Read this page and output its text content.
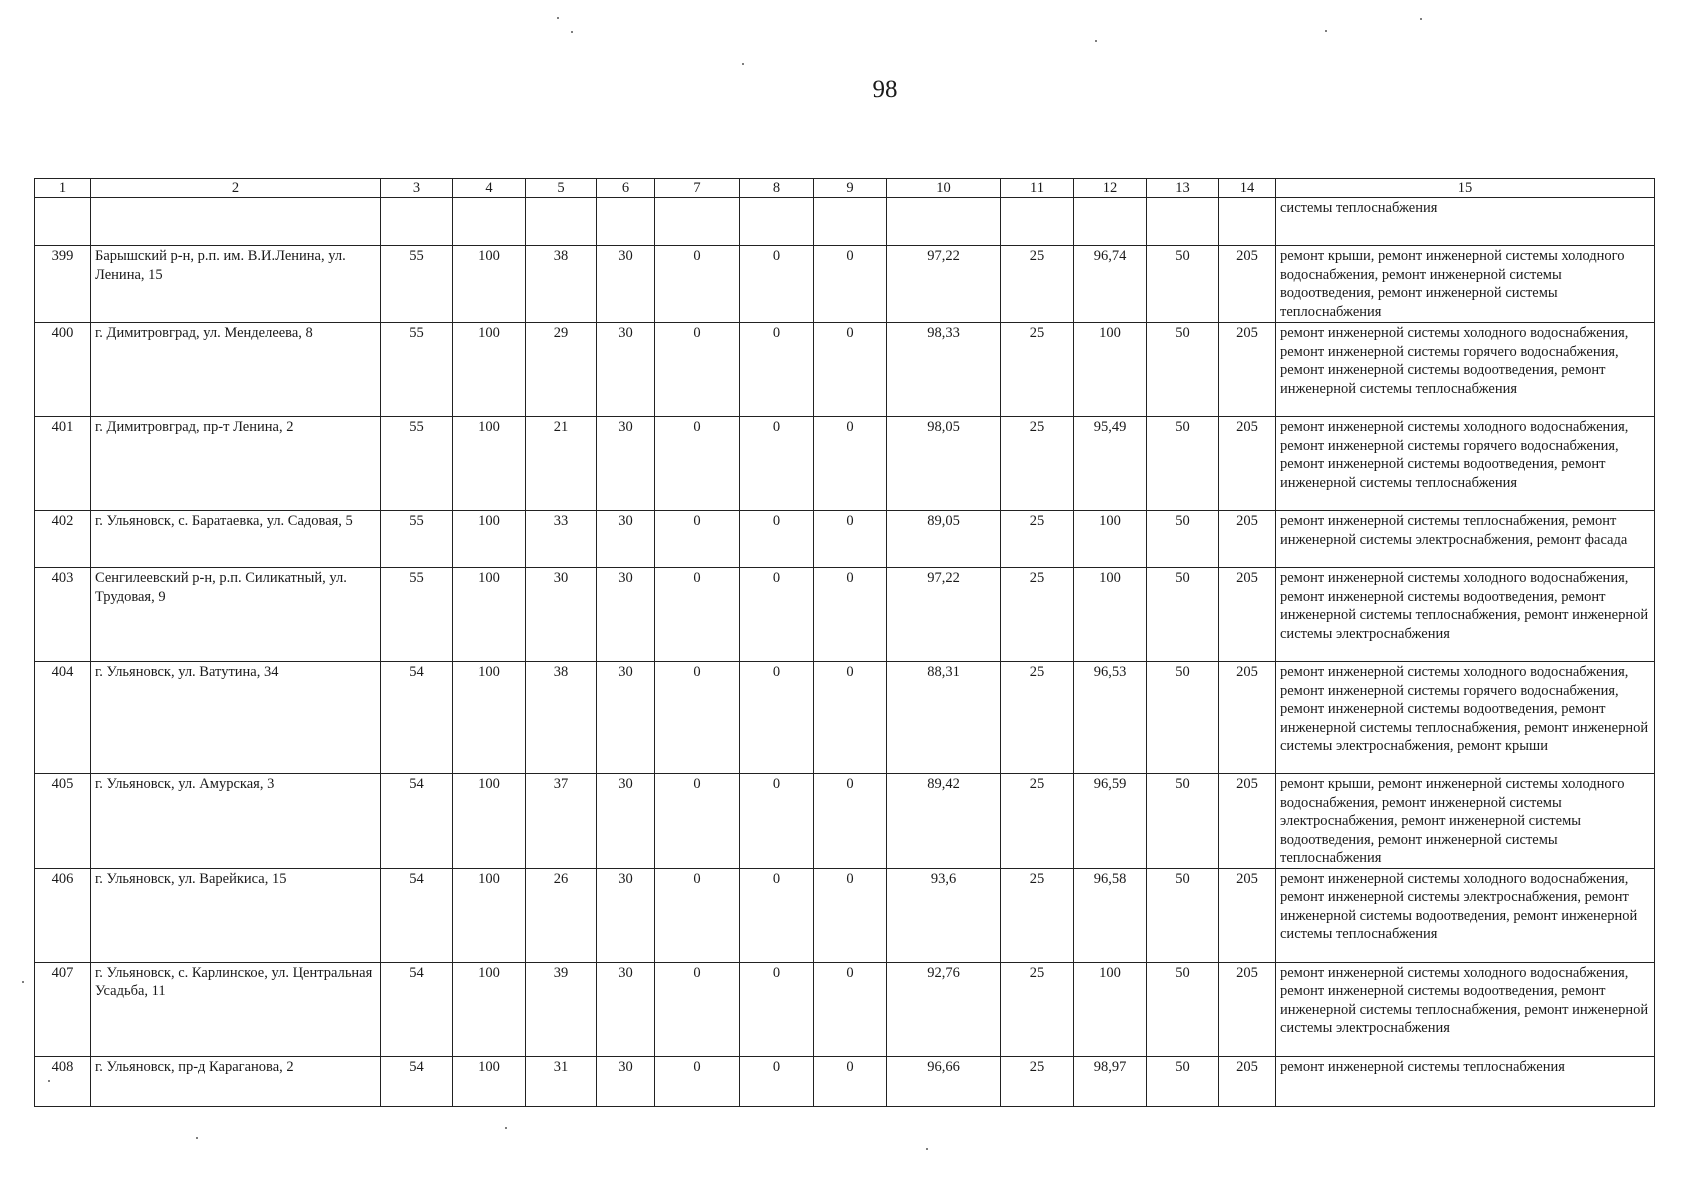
98
1	2	3	4	5	6	7	8	9	10	11	12	13	14	15
														системы теплоснабжения
399	Барышский р-н, р.п. им. В.И.Ленина, ул. Ленина, 15	55	100	38	30	0	0	0	97,22	25	96,74	50	205	ремонт крыши, ремонт инженерной системы холодного водоснабжения, ремонт инженерной системы водоотведения, ремонт инженерной системы теплоснабжения
400	г. Димитровград, ул. Менделеева, 8	55	100	29	30	0	0	0	98,33	25	100	50	205	ремонт инженерной системы холодного водоснабжения, ремонт инженерной системы горячего водоснабжения, ремонт инженерной системы водоотведения, ремонт инженерной системы теплоснабжения
401	г. Димитровград, пр-т Ленина, 2	55	100	21	30	0	0	0	98,05	25	95,49	50	205	ремонт инженерной системы холодного водоснабжения, ремонт инженерной системы горячего водоснабжения, ремонт инженерной системы водоотведения, ремонт инженерной системы теплоснабжения
402	г. Ульяновск, с. Баратаевка, ул. Садовая, 5	55	100	33	30	0	0	0	89,05	25	100	50	205	ремонт инженерной системы теплоснабжения, ремонт инженерной системы электроснабжения, ремонт фасада
403	Сенгилеевский р-н, р.п. Силикатный, ул. Трудовая, 9	55	100	30	30	0	0	0	97,22	25	100	50	205	ремонт инженерной системы холодного водоснабжения, ремонт инженерной системы водоотведения, ремонт инженерной системы теплоснабжения, ремонт инженерной системы электроснабжения
404	г. Ульяновск, ул. Ватутина, 34	54	100	38	30	0	0	0	88,31	25	96,53	50	205	ремонт инженерной системы холодного водоснабжения, ремонт инженерной системы горячего водоснабжения, ремонт инженерной системы водоотведения, ремонт инженерной системы теплоснабжения, ремонт инженерной системы электроснабжения, ремонт крыши
405	г. Ульяновск, ул. Амурская, 3	54	100	37	30	0	0	0	89,42	25	96,59	50	205	ремонт крыши, ремонт инженерной системы холодного водоснабжения, ремонт инженерной системы электроснабжения, ремонт инженерной системы водоотведения, ремонт инженерной системы теплоснабжения
406	г. Ульяновск, ул. Варейкиса, 15	54	100	26	30	0	0	0	93,6	25	96,58	50	205	ремонт инженерной системы холодного водоснабжения, ремонт инженерной системы электроснабжения, ремонт инженерной системы водоотведения, ремонт инженерной системы теплоснабжения
407	г. Ульяновск, с. Карлинское, ул. Центральная Усадьба, 11	54	100	39	30	0	0	0	92,76	25	100	50	205	ремонт инженерной системы холодного водоснабжения, ремонт инженерной системы водоотведения, ремонт инженерной системы теплоснабжения, ремонт инженерной системы электроснабжения
408	г. Ульяновск, пр-д Караганова, 2	54	100	31	30	0	0	0	96,66	25	98,97	50	205	ремонт инженерной системы теплоснабжения
